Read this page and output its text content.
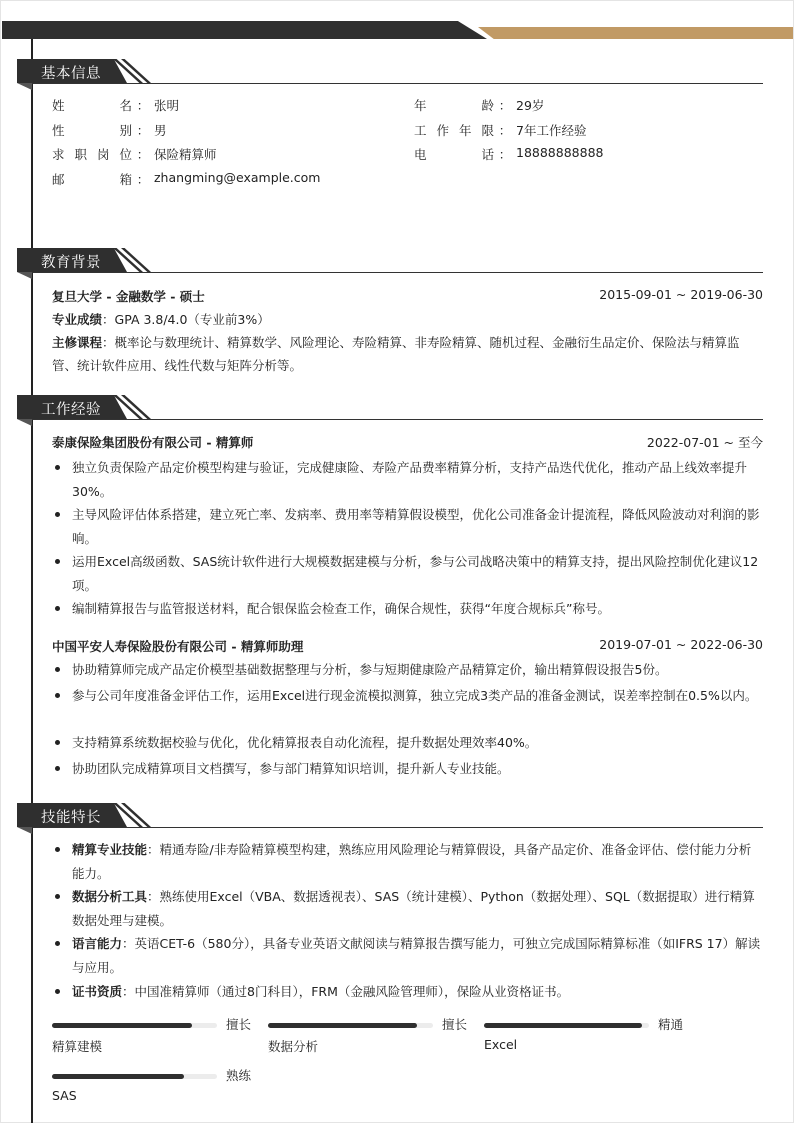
基本信息
姓名 ： 张明
性别 ： 男
求职岗位 ： 保险精算师
邮箱 ： zhangming@example.com
年龄 ： 29岁
工作年限 ： 7年工作经验
电话 ： 18888888888
教育背景
复旦大学 - 金融数学 - 硕士	2015-09-01 ~ 2019-06-30
专业成绩：GPA 3.8/4.0（专业前3%）
主修课程：概率论与数理统计、精算数学、风险理论、寿险精算、非寿险精算、随机过程、金融衍生品定价、保险法与精算监管、统计软件应用、线性代数与矩阵分析等。
工作经验
泰康保险集团股份有限公司 - 精算师	2022-07-01 ~ 至今
独立负责保险产品定价模型构建与验证，完成健康险、寿险产品费率精算分析，支持产品迭代优化，推动产品上线效率提升30%。
主导风险评估体系搭建，建立死亡率、发病率、费用率等精算假设模型，优化公司准备金计提流程，降低风险波动对利润的影响。
运用Excel高级函数、SAS统计软件进行大规模数据建模与分析，参与公司战略决策中的精算支持，提出风险控制优化建议12项。
编制精算报告与监管报送材料，配合银保监会检查工作，确保合规性，获得“年度合规标兵”称号。
中国平安人寿保险股份有限公司 - 精算师助理	2019-07-01 ~ 2022-06-30
协助精算师完成产品定价模型基础数据整理与分析，参与短期健康险产品精算定价，输出精算假设报告5份。
参与公司年度准备金评估工作，运用Excel进行现金流模拟测算，独立完成3类产品的准备金测试，误差率控制在0.5%以内。
支持精算系统数据校验与优化，优化精算报表自动化流程，提升数据处理效率40%。
协助团队完成精算项目文档撰写，参与部门精算知识培训，提升新人专业技能。
技能特长
精算专业技能：精通寿险/非寿险精算模型构建，熟练应用风险理论与精算假设，具备产品定价、准备金评估、偿付能力分析能力。
数据分析工具：熟练使用Excel（VBA、数据透视表）、SAS（统计建模）、Python（数据处理）、SQL（数据提取）进行精算数据处理与建模。
语言能力：英语CET-6（580分），具备专业英语文献阅读与精算报告撰写能力，可独立完成国际精算标准（如IFRS 17）解读与应用。
证书资质：中国准精算师（通过8门科目），FRM（金融风险管理师），保险从业资格证书。
擅长
精算建模
擅长
数据分析
精通
Excel
熟练
SAS
